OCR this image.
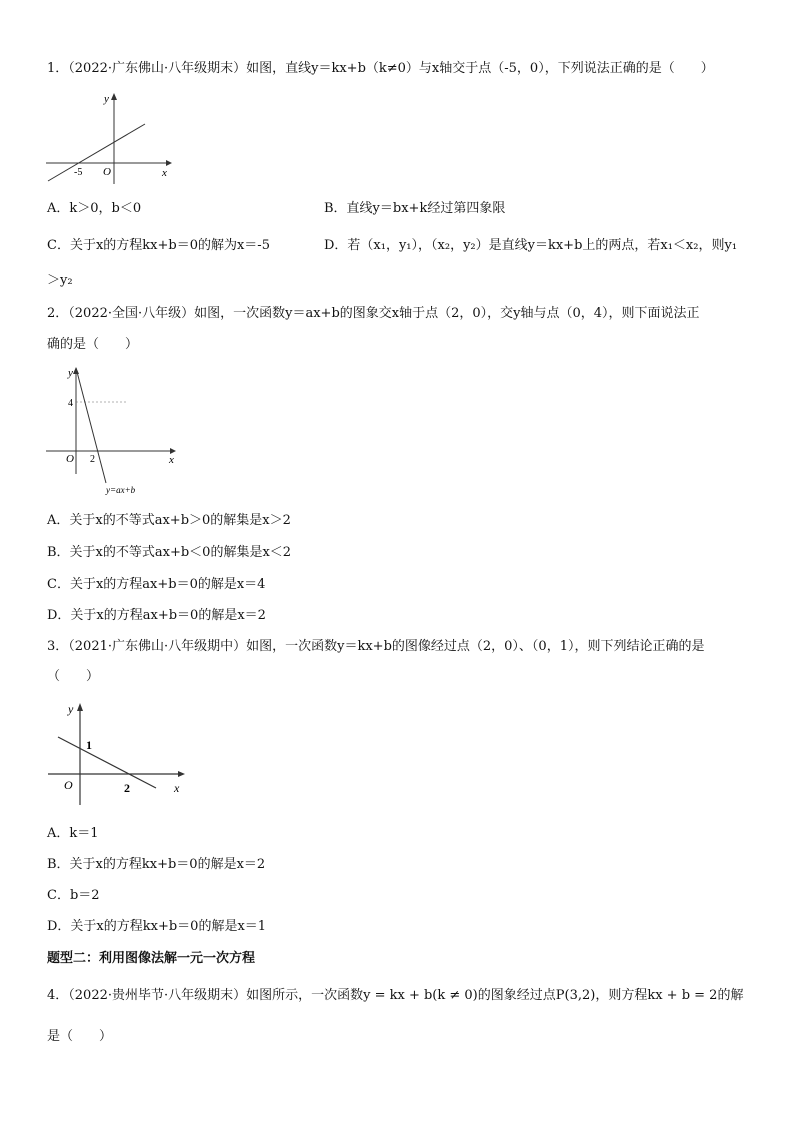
1．（2022·广东佛山·八年级期末）如图，直线y＝kx+b（k≠0）与x轴交于点（-5，0），下列说法正确的是（　　）
y
x
O
-5
A．k＞0，b＜0	B．直线y＝bx+k经过第四象限
C．关于x的方程kx+b＝0的解为x＝-5	D．若（x₁，y₁），（x₂，y₂）是直线y＝kx+b上的两点，若x₁＜x₂，则y₁
＞y₂
2．（2022·全国·八年级）如图，一次函数y＝ax+b的图象交x轴于点（2，0），交y轴与点（0，4），则下面说法正
确的是（　　）
y
x
O
4
2
y=ax+b
A．关于x的不等式ax+b＞0的解集是x＞2
B．关于x的不等式ax+b＜0的解集是x＜2
C．关于x的方程ax+b＝0的解是x＝4
D．关于x的方程ax+b＝0的解是x＝2
3．（2021·广东佛山·八年级期中）如图，一次函数y＝kx+b的图像经过点（2，0）、（0，1），则下列结论正确的是
（　　）
y
x
O
1
2
A．k＝1
B．关于x的方程kx+b＝0的解是x＝2
C．b＝2
D．关于x的方程kx+b＝0的解是x＝1
题型二：利用图像法解一元一次方程
4．（2022·贵州毕节·八年级期末）如图所示，一次函数y = kx + b(k ≠ 0)的图象经过点P(3,2)，则方程kx + b = 2的解
是（　　）
